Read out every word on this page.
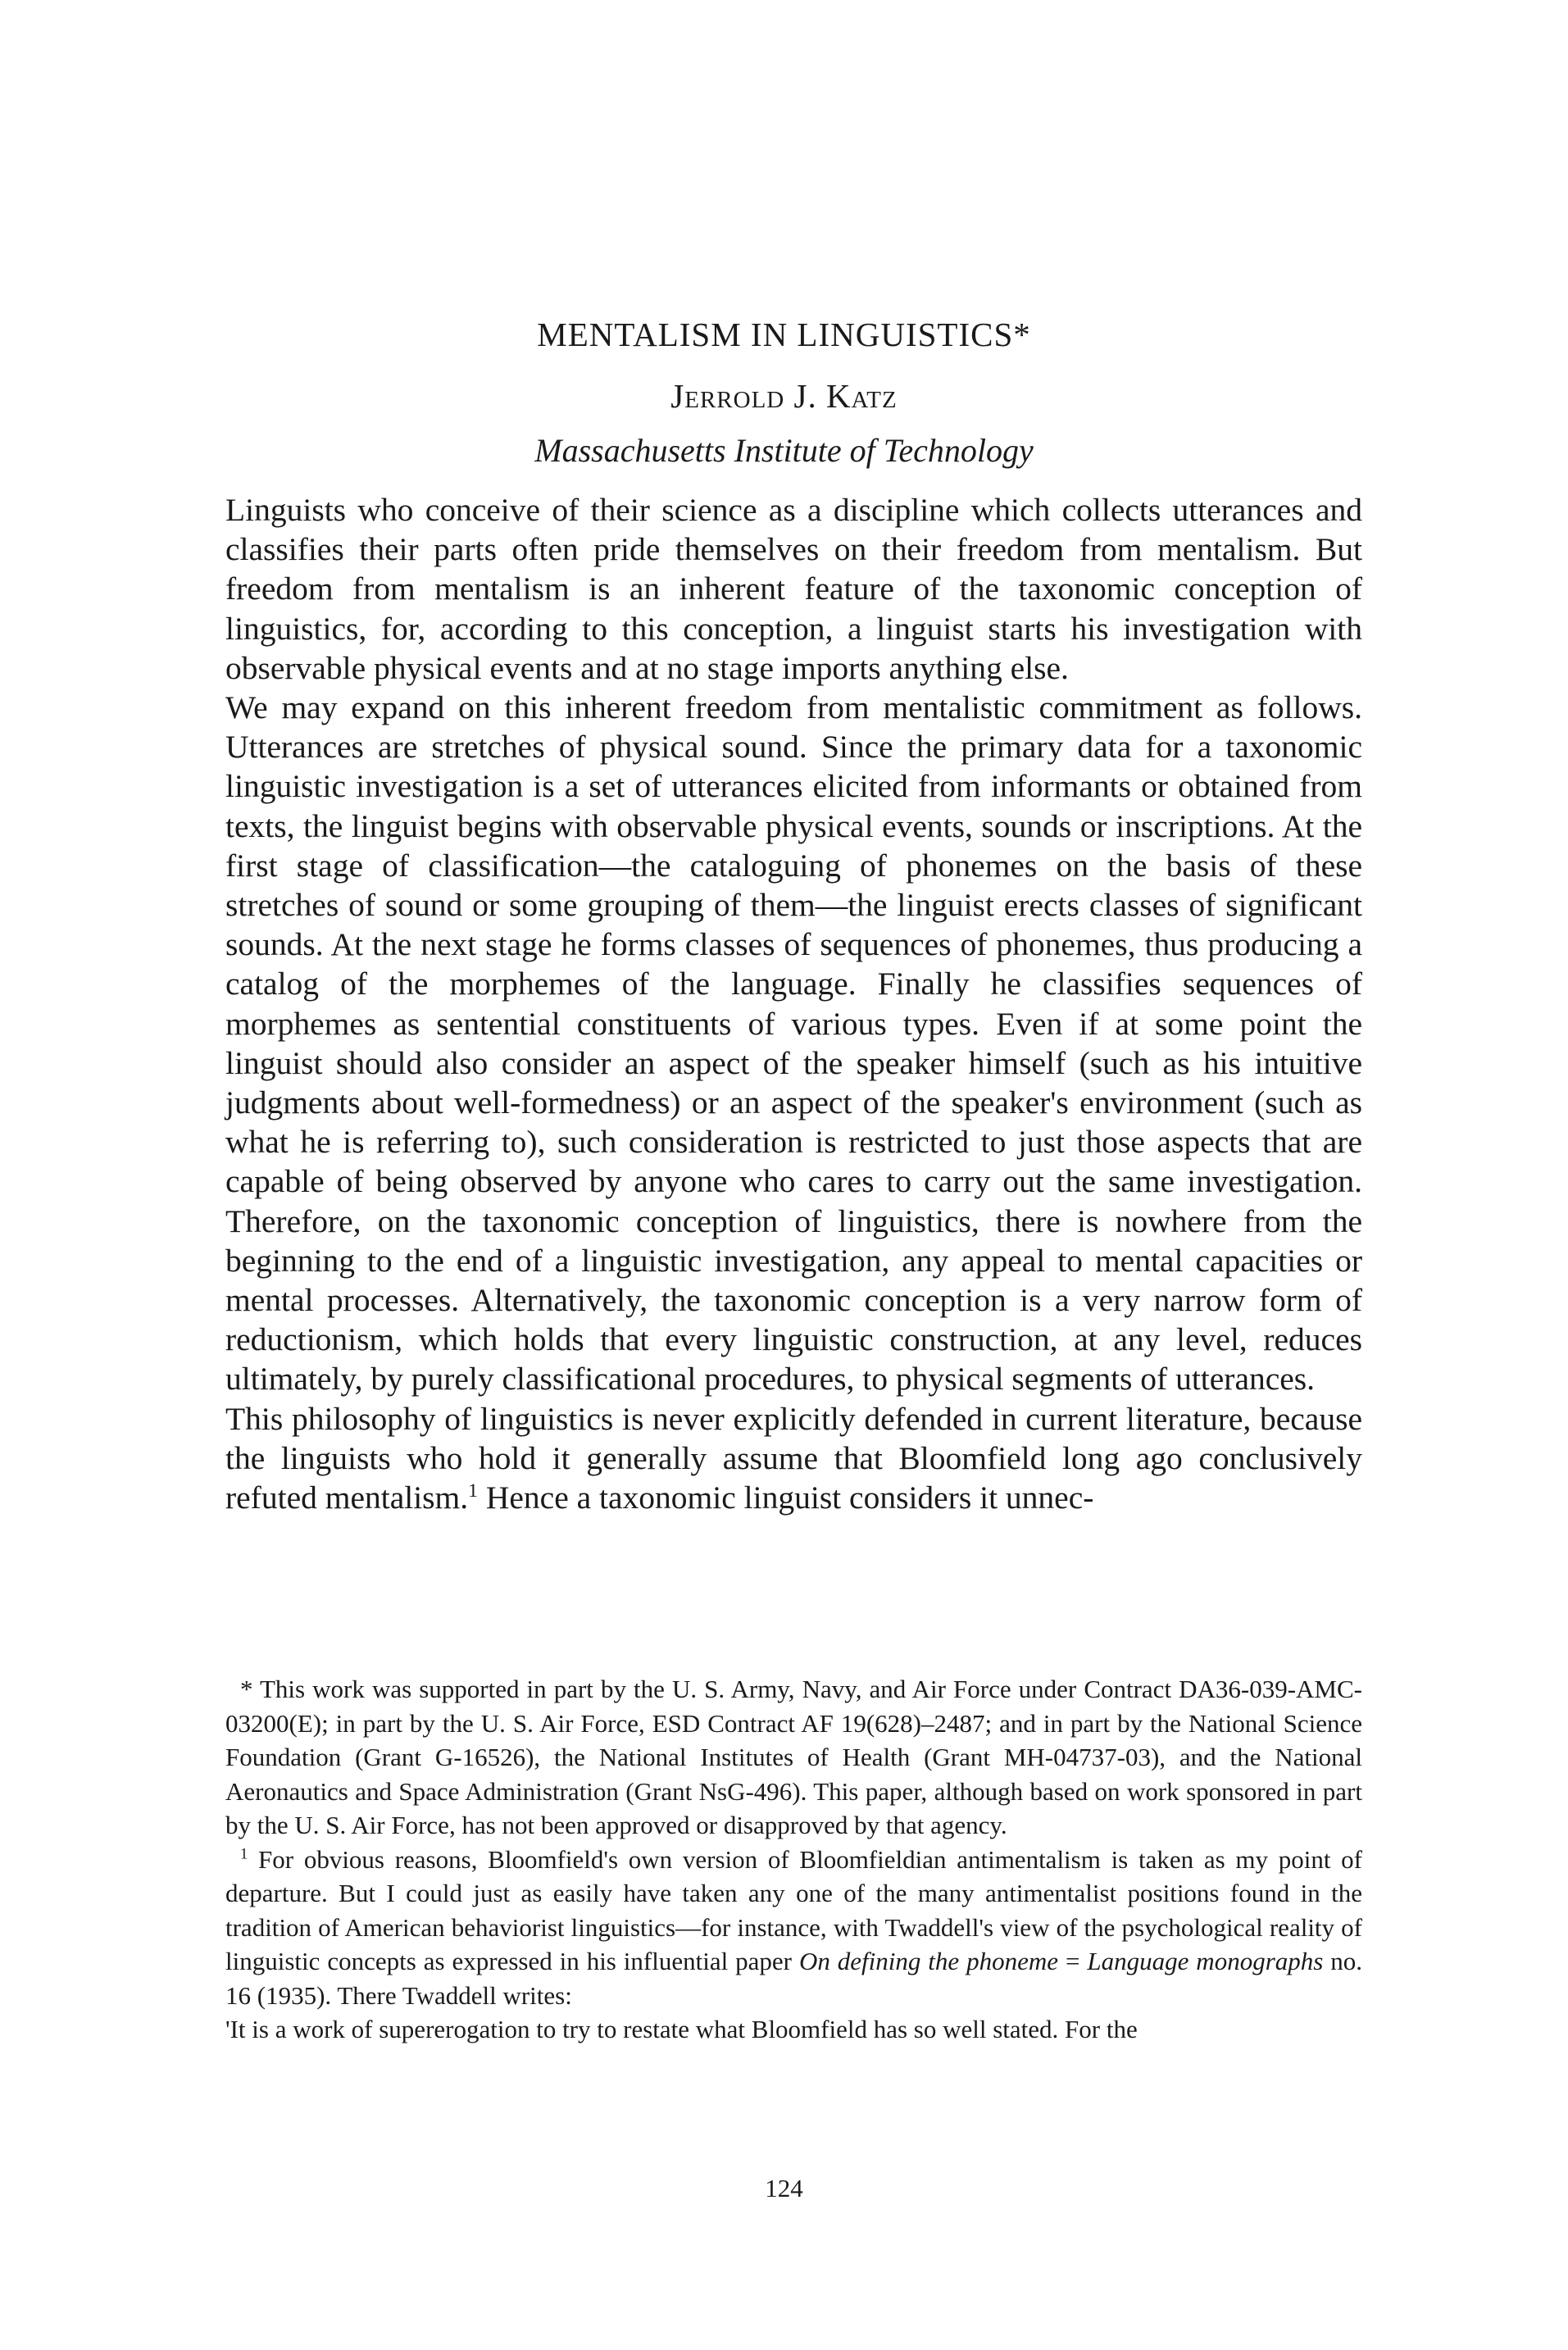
MENTALISM IN LINGUISTICS*
Jerrold J. Katz
Massachusetts Institute of Technology

Linguists who conceive of their science as a discipline which collects utterances and classifies their parts often pride themselves on their freedom from mentalism. But freedom from mentalism is an inherent feature of the taxonomic conception of linguistics, for, according to this conception, a linguist starts his investigation with observable physical events and at no stage imports anything else.

We may expand on this inherent freedom from mentalistic commitment as follows. Utterances are stretches of physical sound. Since the primary data for a taxonomic linguistic investigation is a set of utterances elicited from informants or obtained from texts, the linguist begins with observable physical events, sounds or inscriptions. At the first stage of classification—the cataloguing of phonemes on the basis of these stretches of sound or some grouping of them—the linguist erects classes of significant sounds. At the next stage he forms classes of sequences of phonemes, thus producing a catalog of the morphemes of the language. Finally he classifies sequences of morphemes as sentential constituents of various types. Even if at some point the linguist should also consider an aspect of the speaker himself (such as his intuitive judgments about well-formedness) or an aspect of the speaker's environment (such as what he is referring to), such consideration is restricted to just those aspects that are capable of being observed by anyone who cares to carry out the same investigation. Therefore, on the taxonomic conception of linguistics, there is nowhere from the beginning to the end of a linguistic investigation, any appeal to mental capacities or mental processes. Alternatively, the taxonomic conception is a very narrow form of reductionism, which holds that every linguistic construction, at any level, reduces ultimately, by purely classificational procedures, to physical segments of utterances.

This philosophy of linguistics is never explicitly defended in current literature, because the linguists who hold it generally assume that Bloomfield long ago conclusively refuted mentalism.$^1$ Hence a taxonomic linguist considers it unnec-

* This work was supported in part by the U. S. Army, Navy, and Air Force under Contract DA36-039-AMC-03200(E); in part by the U. S. Air Force, ESD Contract AF 19(628)–2487; and in part by the National Science Foundation (Grant G-16526), the National Institutes of Health (Grant MH-04737-03), and the National Aeronautics and Space Administration (Grant NsG-496). This paper, although based on work sponsored in part by the U. S. Air Force, has not been approved or disapproved by that agency.

$^1$ For obvious reasons, Bloomfield's own version of Bloomfieldian antimentalism is taken as my point of departure. But I could just as easily have taken any one of the many antimentalist positions found in the tradition of American behaviorist linguistics—for instance, with Twaddell's view of the psychological reality of linguistic concepts as expressed in his influential paper On defining the phoneme = Language monographs no. 16 (1935). There Twaddell writes:

'It is a work of supererogation to try to restate what Bloomfield has so well stated. For the

124
